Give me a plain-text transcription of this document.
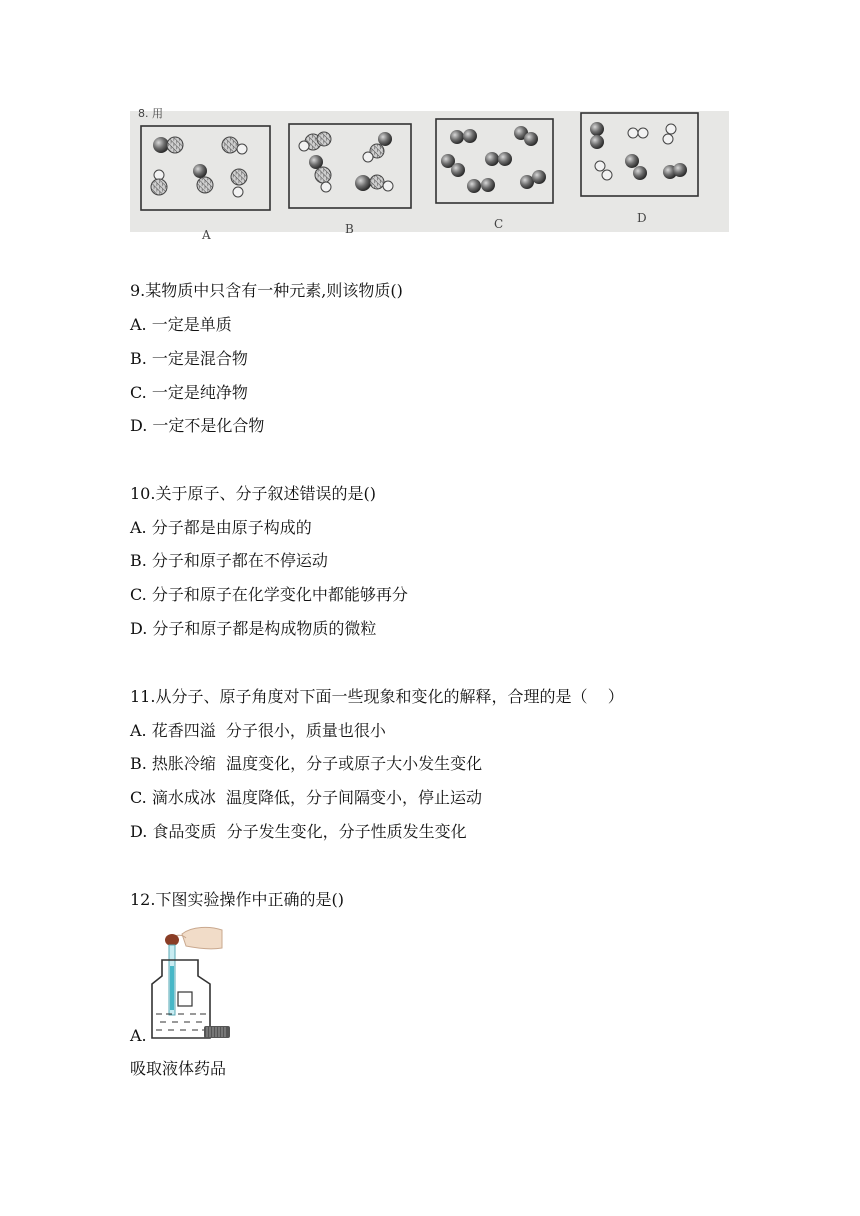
8. 用
A	B	C	D
9.某物质中只含有一种元素,则该物质()
A. 一定是单质
B. 一定是混合物
C. 一定是纯净物
D. 一定不是化合物
10.关于原子、分子叙述错误的是()
A. 分子都是由原子构成的
B. 分子和原子都在不停运动
C. 分子和原子在化学变化中都能够再分
D. 分子和原子都是构成物质的微粒
11.从分子、原子角度对下面一些现象和变化的解释，合理的是（    ）
A. 花香四溢  分子很小，质量也很小
B. 热胀冷缩  温度变化，分子或原子大小发生变化
C. 滴水成冰  温度降低，分子间隔变小，停止运动
D. 食品变质  分子发生变化，分子性质发生变化
12.下图实验操作中正确的是()
A.
吸取液体药品
